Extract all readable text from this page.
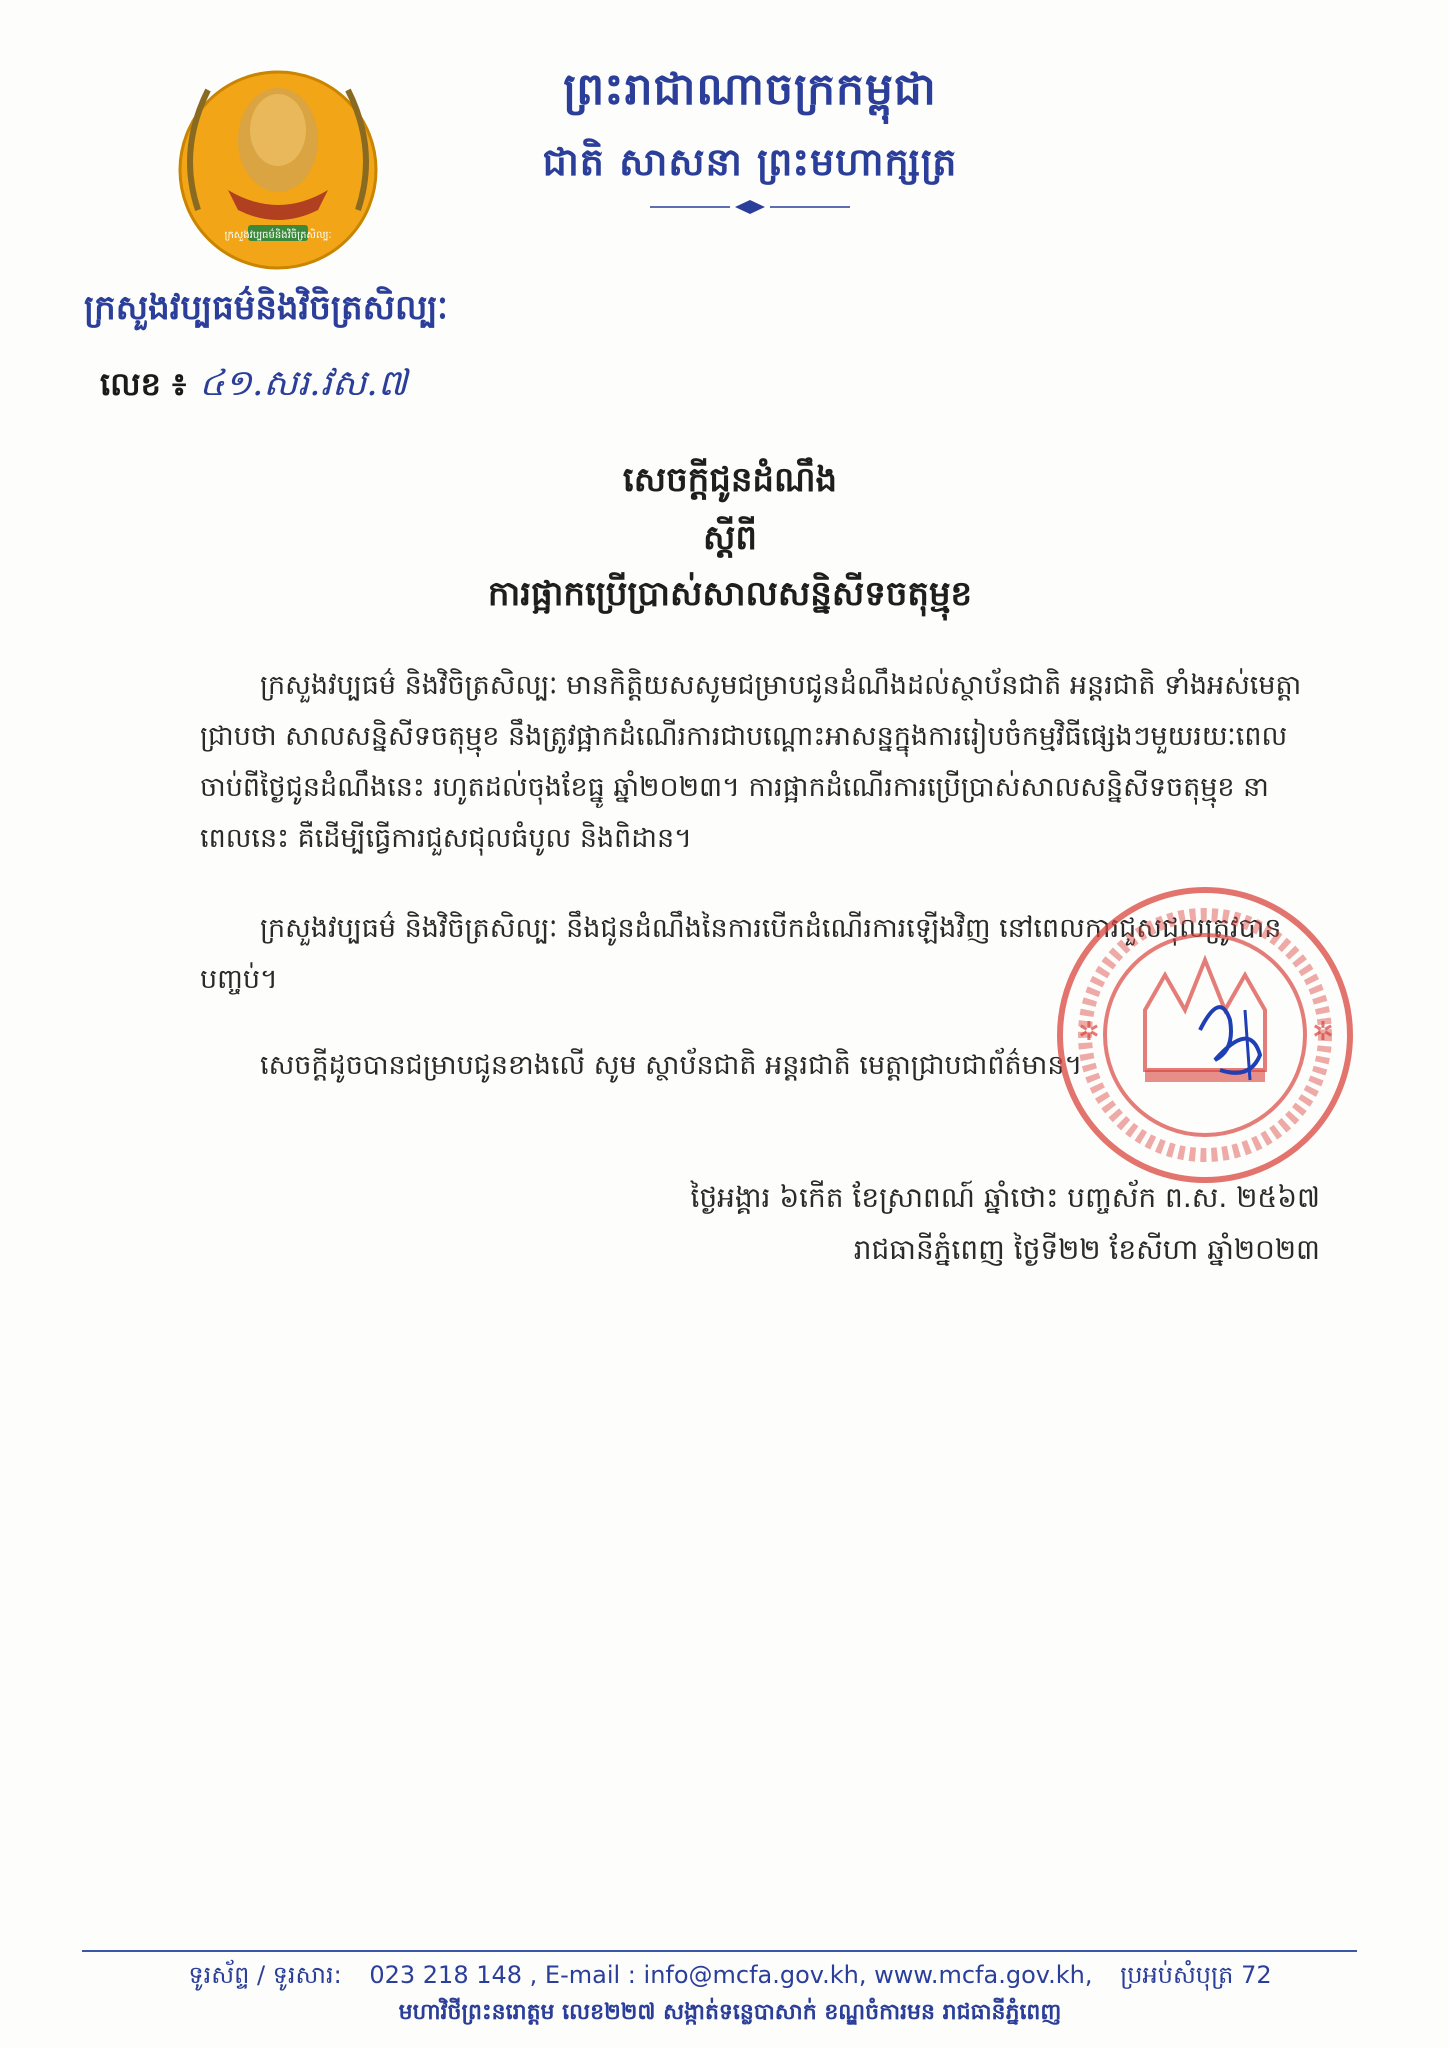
ក្រសួងវប្បធម៌និងវិចិត្រសិល្បៈ
ព្រះរាជាណាចក្រកម្ពុជា
ជាតិ សាសនា ព្រះមហាក្សត្រ
ក្រសួងវប្បធម៌និងវិចិត្រសិល្បៈ
លេខ ៖ ៤១.សរ.វស.៧
សេចក្ដីជូនដំណឹង
ស្ដីពី
ការផ្អាកប្រើប្រាស់សាលសន្និសីទចតុម្មុខ
ក្រសួងវប្បធម៌ និងវិចិត្រសិល្បៈ មានកិត្តិយសសូមជម្រាបជូនដំណឹងដល់ស្ថាប័នជាតិ អន្តរជាតិ ទាំងអស់មេត្តាជ្រាបថា សាលសន្និសីទចតុម្មុខ នឹងត្រូវផ្អាកដំណើរការជាបណ្ដោះអាសន្នក្នុងការរៀបចំកម្មវិធីផ្សេងៗមួយរយៈពេល ចាប់ពីថ្ងៃជូនដំណឹងនេះ រហូតដល់ចុងខែធ្នូ ឆ្នាំ២០២៣។ ការផ្អាកដំណើរការប្រើប្រាស់សាលសន្និសីទចតុម្មុខ នាពេលនេះ គឺដើម្បីធ្វើការជួសជុលធំបូល និងពិដាន។
ក្រសួងវប្បធម៌ និងវិចិត្រសិល្បៈ នឹងជូនដំណឹងនៃការបើកដំណើរការឡើងវិញ នៅពេលការជួសជុលត្រូវបានបញ្ចប់។
សេចក្ដីដូចបានជម្រាបជូនខាងលើ សូម ស្ថាប័នជាតិ អន្តរជាតិ មេត្តាជ្រាបជាព័ត៌មាន។
✲	✲
ថ្ងៃអង្គារ ៦កើត ខែស្រាពណ៍ ឆ្នាំថោះ បញ្ចស័ក ព.ស. ២៥៦៧
រាជធានីភ្នំពេញ ថ្ងៃទី២២ ខែសីហា ឆ្នាំ២០២៣
ទូរស័ព្ទ / ទូរសារ: 023 218 148 , E-mail : info@mcfa.gov.kh, www.mcfa.gov.kh, ប្រអប់សំបុត្រ 72
មហាវិថីព្រះនរោត្តម លេខ២២៧ សង្កាត់ទន្លេបាសាក់ ខណ្ឌចំការមន រាជធានីភ្នំពេញ
